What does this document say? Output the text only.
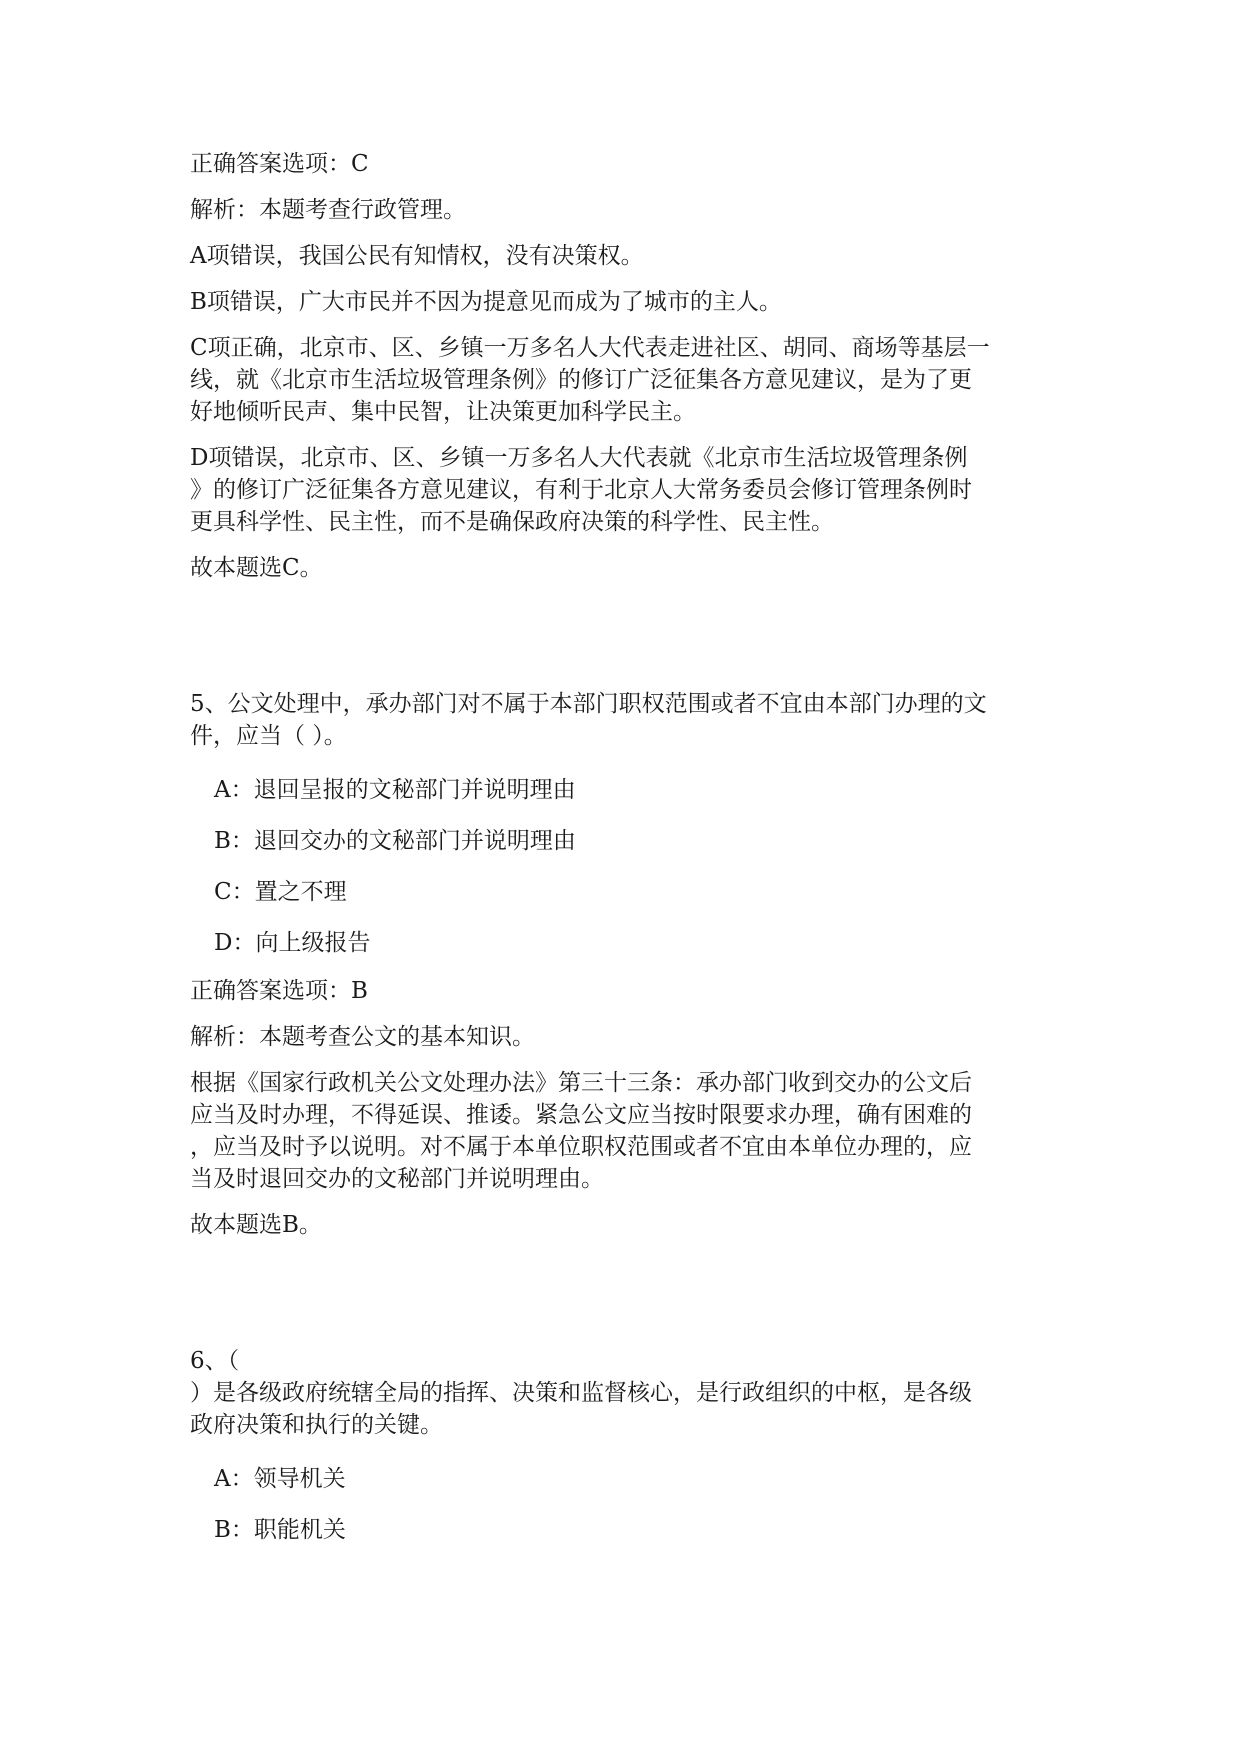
正确答案选项：C

解析：本题考查行政管理。

A项错误，我国公民有知情权，没有决策权。

B项错误，广大市民并不因为提意见而成为了城市的主人。

C项正确，北京市、区、乡镇一万多名人大代表走进社区、胡同、商场等基层一
线，就《北京市生活垃圾管理条例》的修订广泛征集各方意见建议，是为了更
好地倾听民声、集中民智，让决策更加科学民主。

D项错误，北京市、区、乡镇一万多名人大代表就《北京市生活垃圾管理条例
》的修订广泛征集各方意见建议，有利于北京人大常务委员会修订管理条例时
更具科学性、民主性，而不是确保政府决策的科学性、民主性。

故本题选C。

5、公文处理中，承办部门对不属于本部门职权范围或者不宜由本部门办理的文
件，应当（ ）。

A：退回呈报的文秘部门并说明理由

B：退回交办的文秘部门并说明理由

C：置之不理

D：向上级报告

正确答案选项：B

解析：本题考查公文的基本知识。

根据《国家行政机关公文处理办法》第三十三条：承办部门收到交办的公文后
应当及时办理，不得延误、推诿。紧急公文应当按时限要求办理，确有困难的
，应当及时予以说明。对不属于本单位职权范围或者不宜由本单位办理的，应
当及时退回交办的文秘部门并说明理由。

故本题选B。

6、（
）是各级政府统辖全局的指挥、决策和监督核心，是行政组织的中枢，是各级
政府决策和执行的关键。

A：领导机关

B：职能机关
